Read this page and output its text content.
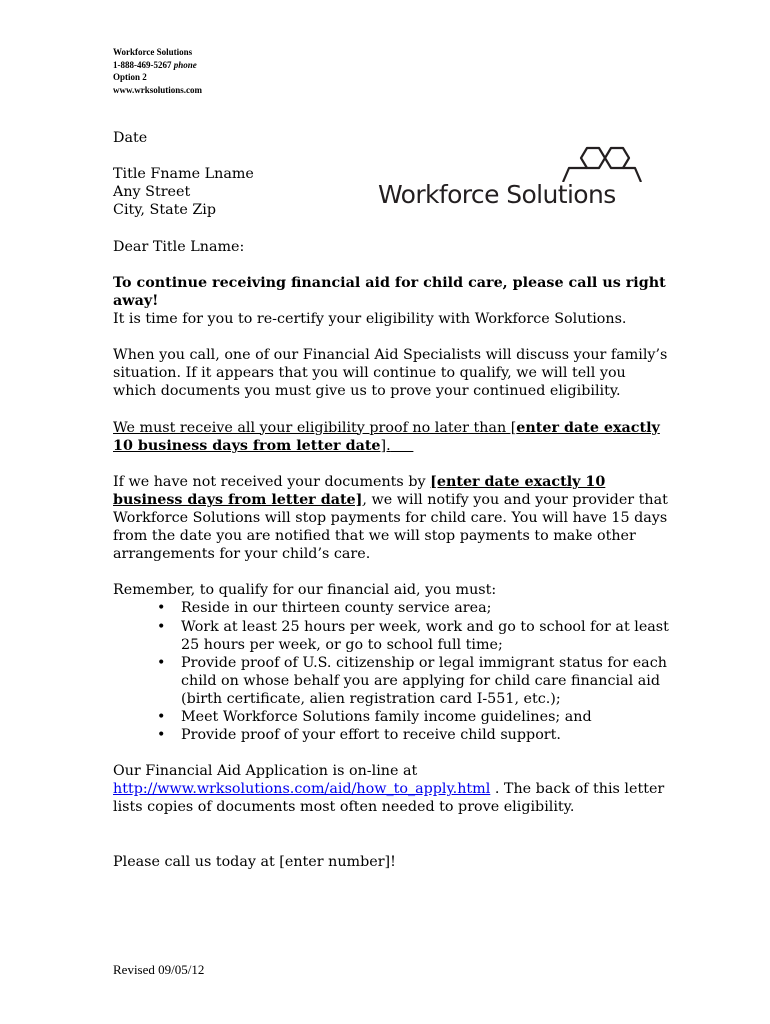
Workforce Solutions
1-888-469-5267 phone
Option 2
www.wrksolutions.com
Workforce Solutions

Date

Title Fname Lname

Any Street

City, State Zip

Dear Title Lname:

To continue receiving financial aid for child care, please call us right away!

It is time for you to re-certify your eligibility with Workforce Solutions.

When you call, one of our Financial Aid Specialists will discuss your family’s situation. If it appears that you will continue to qualify, we will tell you which documents you must give us to prove your continued eligibility.

We must receive all your eligibility proof no later than [enter date exactly 10 business days from letter date].

If we have not received your documents by [enter date exactly 10 business days from letter date], we will notify you and your provider that Workforce Solutions will stop payments for child care. You will have 15 days from the date you are notified that we will stop payments to make other arrangements for your child’s care.

Remember, to qualify for our financial aid, you must:

• Reside in our thirteen county service area;
• Work at least 25 hours per week, work and go to school for at least 25 hours per week, or go to school full time;
• Provide proof of U.S. citizenship or legal immigrant status for each child on whose behalf you are applying for child care financial aid (birth certificate, alien registration card I-551, etc.);
• Meet Workforce Solutions family income guidelines; and
• Provide proof of your effort to receive child support.

Our Financial Aid Application is on-line at
http://www.wrksolutions.com/aid/how_to_apply.html . The back of this letter lists copies of documents most often needed to prove eligibility.

Please call us today at [enter number]!

Revised 09/05/12
